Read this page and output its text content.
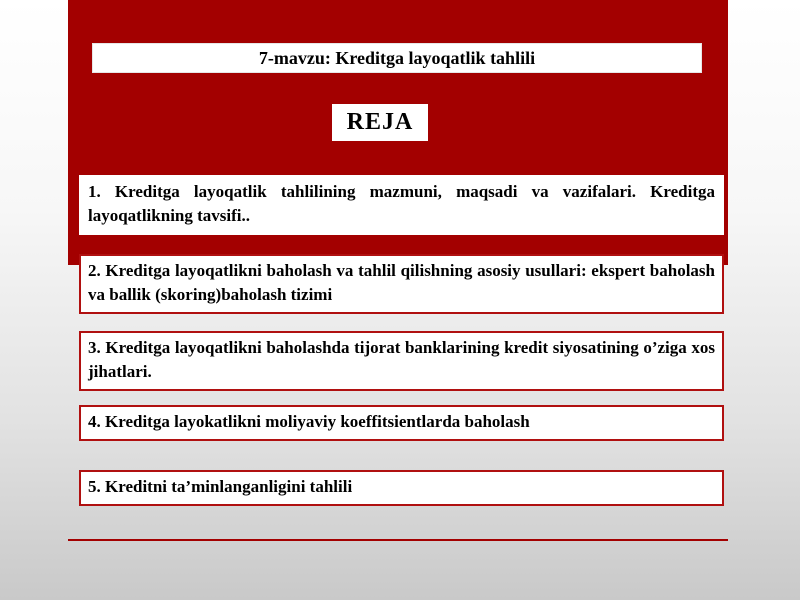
7-mavzu: Kreditga layoqatlik tahlili
REJA
1. Kreditga layoqatlik tahlilining mazmuni, maqsadi va vazifalari. Kreditga layoqatlikning tavsifi..
2. Kreditga layoqatlikni baholash va tahlil qilishning asosiy usullari: ekspert baholash va ballik (skoring)baholash tizimi
3. Kreditga layoqatlikni baholashda tijorat banklarining kredit siyosatining o’ziga xos jihatlari.
4. Kreditga layokatlikni moliyaviy koeffitsientlarda baholash
5. Kreditni ta’minlanganligini tahlili
